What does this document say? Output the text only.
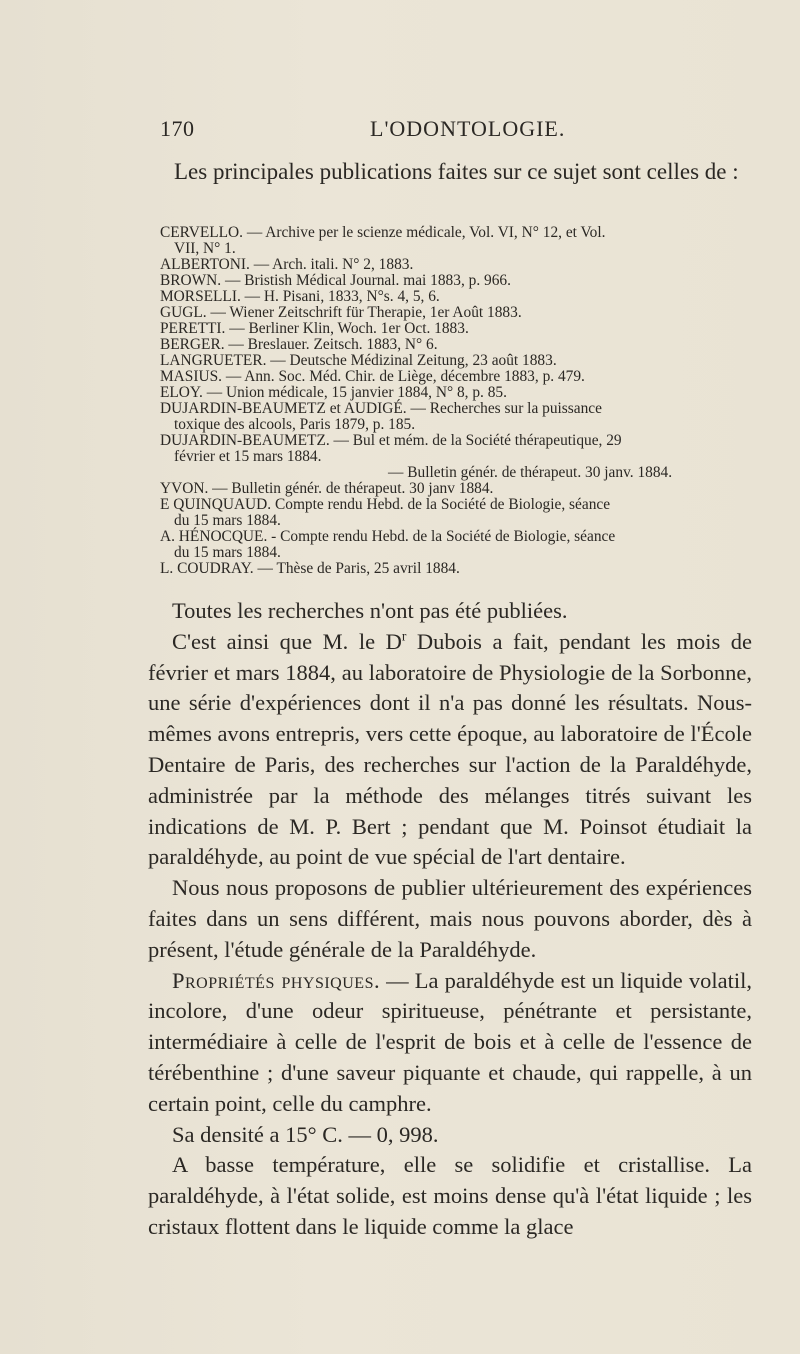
170	L'ODONTOLOGIE.
Les principales publications faites sur ce sujet sont celles de :
CERVELLO. — Archive per le scienze médicale, Vol. VI, N° 12, et Vol.
VII, N° 1.
ALBERTONI. — Arch. itali. N° 2, 1883.
BROWN. — Bristish Médical Journal. mai 1883, p. 966.
MORSELLI. — H. Pisani, 1833, N°s. 4, 5, 6.
GUGL. — Wiener Zeitschrift für Therapie, 1er Août 1883.
PERETTI. — Berliner Klin, Woch. 1er Oct. 1883.
BERGER. — Breslauer. Zeitsch. 1883, N° 6.
LANGRUETER. — Deutsche Médizinal Zeitung, 23 août 1883.
MASIUS. — Ann. Soc. Méd. Chir. de Liège, décembre 1883, p. 479.
ELOY. — Union médicale, 15 janvier 1884, N° 8, p. 85.
DUJARDIN-BEAUMETZ et AUDIGÉ. — Recherches sur la puissance
toxique des alcools, Paris 1879, p. 185.
DUJARDIN-BEAUMETZ. — Bul et mém. de la Société thérapeutique, 29
février et 15 mars 1884.
— Bulletin génér. de thérapeut. 30 janv. 1884.
YVON. — Bulletin génér. de thérapeut. 30 janv 1884.
E QUINQUAUD. Compte rendu Hebd. de la Société de Biologie, séance
du 15 mars 1884.
A. HÉNOCQUE. - Compte rendu Hebd. de la Société de Biologie, séance
du 15 mars 1884.
L. COUDRAY. — Thèse de Paris, 25 avril 1884.

Toutes les recherches n'ont pas été publiées.

C'est ainsi que M. le $D^r$ Dubois a fait, pendant les mois de février et mars 1884, au laboratoire de Physiologie de la Sorbonne, une série d'expériences dont il n'a pas donné les résultats. Nous-mêmes avons entrepris, vers cette époque, au laboratoire de l'École Dentaire de Paris, des recherches sur l'action de la Paraldéhyde, administrée par la méthode des mélanges titrés suivant les indications de M. P. Bert ; pendant que M. Poinsot étudiait la paraldéhyde, au point de vue spécial de l'art dentaire.

Nous nous proposons de publier ultérieurement des expériences faites dans un sens différent, mais nous pouvons aborder, dès à présent, l'étude générale de la Paraldéhyde.

Propriétés physiques. — La paraldéhyde est un liquide volatil, incolore, d'une odeur spiritueuse, pénétrante et persistante, intermédiaire à celle de l'esprit de bois et à celle de l'essence de térébenthine ; d'une saveur piquante et chaude, qui rappelle, à un certain point, celle du camphre.

Sa densité a 15° C. — 0, 998.

A basse température, elle se solidifie et cristallise. La paraldéhyde, à l'état solide, est moins dense qu'à l'état liquide ; les cristaux flottent dans le liquide comme la glace
